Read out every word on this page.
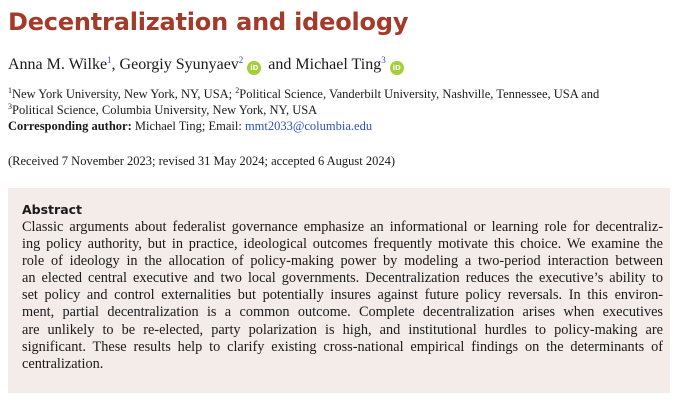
Decentralization and ideology
Anna M. Wilke$^1$, Georgiy Syunyaev$^2$iD and Michael Ting$^3$iD
$^1$New York University, New York, NY, USA; $^2$Political Science, Vanderbilt University, Nashville, Tennessee, USA and
$^3$Political Science, Columbia University, New York, NY, USA
Corresponding author: Michael Ting; Email: mmt2033@columbia.edu
(Received 7 November 2023; revised 31 May 2024; accepted 6 August 2024)
Abstract
Classic arguments about federalist governance emphasize an informational or learning role for decentraliz-
ing policy authority, but in practice, ideological outcomes frequently motivate this choice. We examine the
role of ideology in the allocation of policy-making power by modeling a two-period interaction between
an elected central executive and two local governments. Decentralization reduces the executive’s ability to
set policy and control externalities but potentially insures against future policy reversals. In this environ-
ment, partial decentralization is a common outcome. Complete decentralization arises when executives
are unlikely to be re-elected, party polarization is high, and institutional hurdles to policy-making are
significant. These results help to clarify existing cross-national empirical findings on the determinants of
centralization.
